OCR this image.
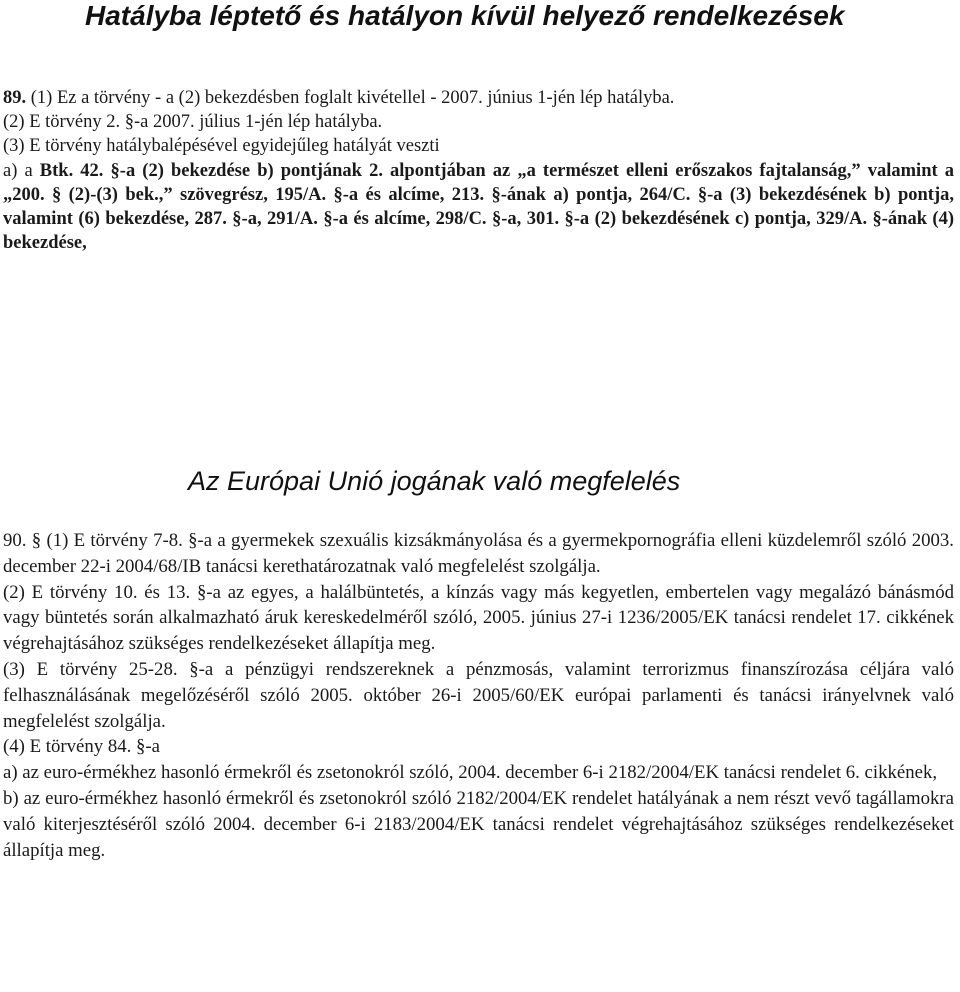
Hatályba léptető és hatályon kívül helyező rendelkezések

89. (1) Ez a törvény - a (2) bekezdésben foglalt kivétellel - 2007. június 1-jén lép hatályba.

(2) E törvény 2. §-a 2007. július 1-jén lép hatályba.

(3) E törvény hatálybalépésével egyidejűleg hatályát veszti

a) a Btk. 42. §-a (2) bekezdése b) pontjának 2. alpontjában az „a természet elleni erőszakos fajtalanság,” valamint a „200. § (2)-(3) bek.,” szövegrész, 195/A. §-a és alcíme, 213. §-ának a) pontja, 264/C. §-a (3) bekezdésének b) pontja, valamint (6) bekezdése, 287. §-a, 291/A. §-a és alcíme, 298/C. §-a, 301. §-a (2) bekezdésének c) pontja, 329/A. §-ának (4) bekezdése,

Az Európai Unió jogának való megfelelés

90. § (1) E törvény 7-8. §-a a gyermekek szexuális kizsákmányolása és a gyermekpornográfia elleni küzdelemről szóló 2003. december 22-i 2004/68/IB tanácsi kerethatározatnak való megfelelést szolgálja.

(2) E törvény 10. és 13. §-a az egyes, a halálbüntetés, a kínzás vagy más kegyetlen, embertelen vagy megalázó bánásmód vagy büntetés során alkalmazható áruk kereskedelméről szóló, 2005. június 27-i 1236/2005/EK tanácsi rendelet 17. cikkének végrehajtásához szükséges rendelkezéseket állapítja meg.

(3) E törvény 25-28. §-a a pénzügyi rendszereknek a pénzmosás, valamint terrorizmus finanszírozása céljára való felhasználásának megelőzéséről szóló 2005. október 26-i 2005/60/EK európai parlamenti és tanácsi irányelvnek való megfelelést szolgálja.

(4) E törvény 84. §-a

a) az euro-érmékhez hasonló érmekről és zsetonokról szóló, 2004. december 6-i 2182/2004/EK tanácsi rendelet 6. cikkének,

b) az euro-érmékhez hasonló érmekről és zsetonokról szóló 2182/2004/EK rendelet hatályának a nem részt vevő tagállamokra való kiterjesztéséről szóló 2004. december 6-i 2183/2004/EK tanácsi rendelet végrehajtásához szükséges rendelkezéseket állapítja meg.
